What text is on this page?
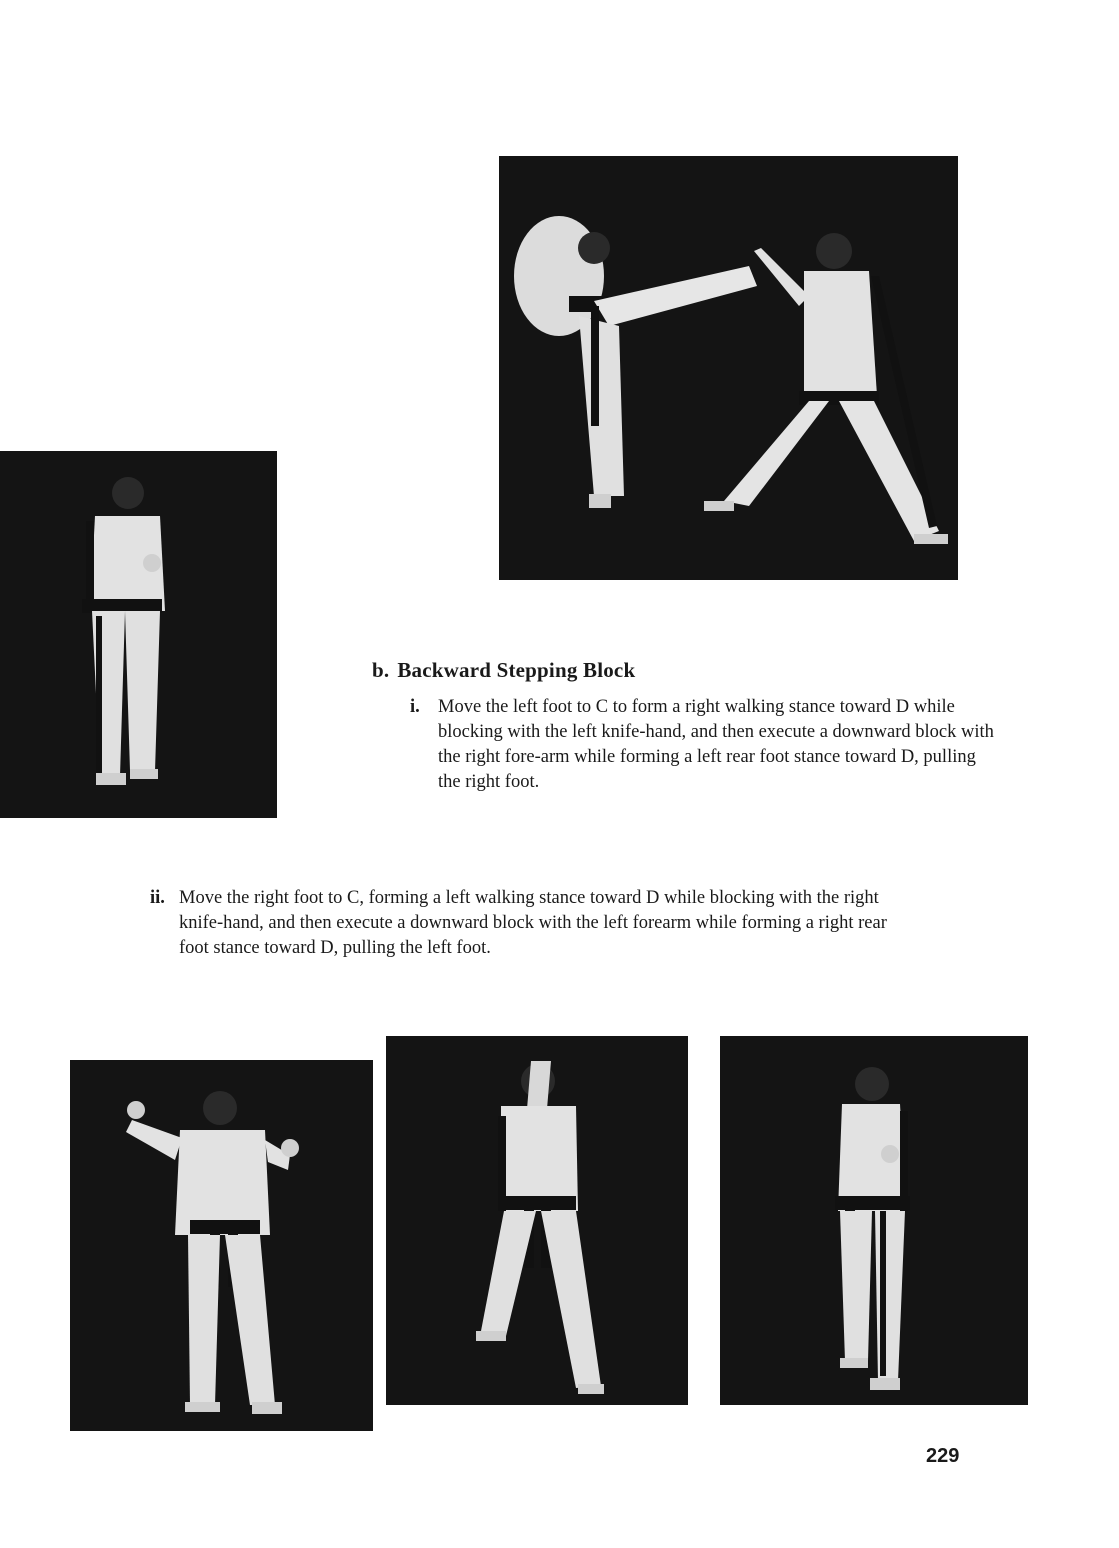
b. Backward Stepping Block
i. Move the left foot to C to form a right walking stance toward D while blocking with the left knife-hand, and then execute a downward block with the right fore-arm while forming a left rear foot stance toward D, pulling the right foot.
ii. Move the right foot to C, forming a left walking stance toward D while blocking with the right knife-hand, and then execute a downward block with the left forearm while forming a right rear foot stance toward D, pulling the left foot.
229
